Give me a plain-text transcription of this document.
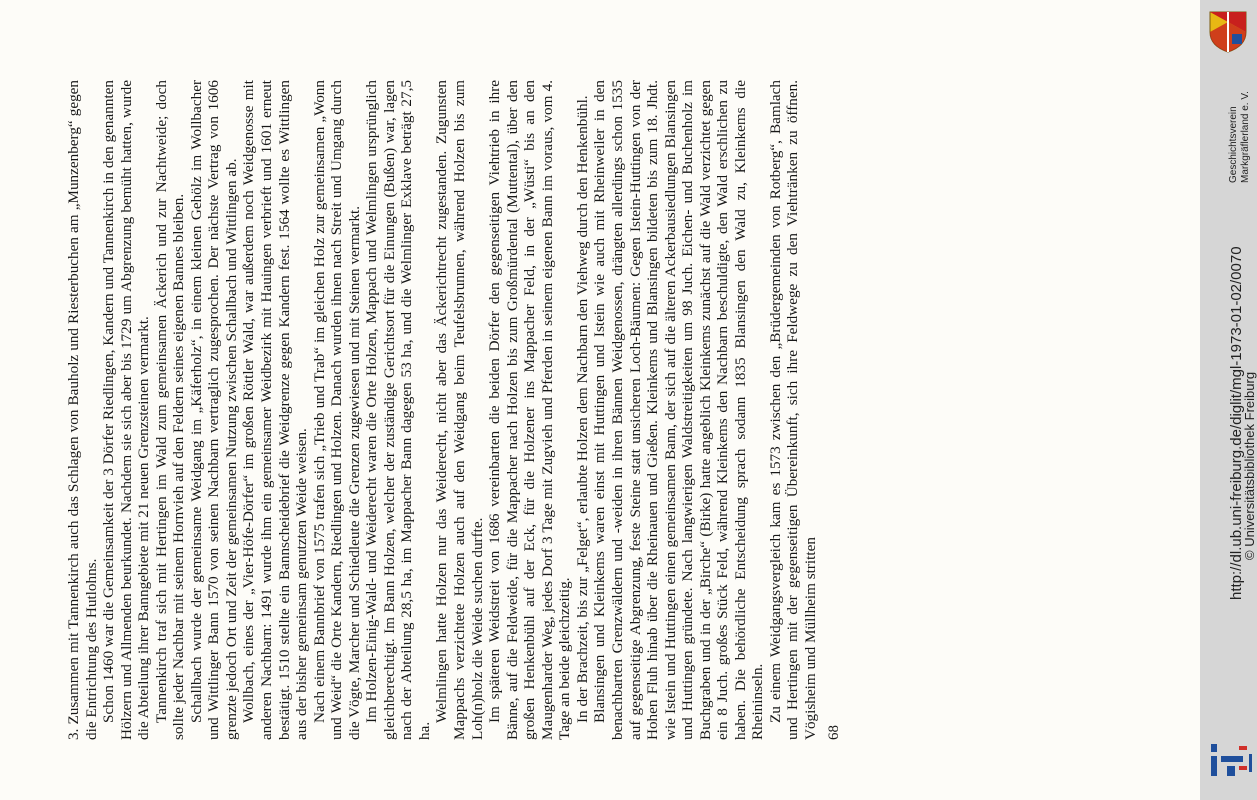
3. Zusammen mit Tannenkirch auch das Schlagen von Bauholz und Riesterbuchen am „Munzenberg“ gegen die Entrichtung des Hutlohns. Schon 1460 war die Gemeinsamkeit der 3 Dörfer Riedlingen, Kandern und Tannenkirch in den genannten Hölzern und Allmenden beurkundet. Nachdem sie sich aber bis 1729 um Abgrenzung bemüht hatten, wurde die Abteilung ihrer Banngebiete mit 21 neuen Grenzsteinen vermarkt. Tannenkirch traf sich mit Hertingen im Wald zum gemeinsamen Äckerich und zur Nachtweide; doch sollte jeder Nachbar mit seinem Hornvieh auf den Feldern seines eigenen Bannes bleiben. Schallbach wurde der gemeinsame Weidgang im „Käferholz“, in einem kleinen Gehölz im Wollbacher und Wittlinger Bann 1570 von seinen Nachbarn vertraglich zugesprochen. Der nächste Vertrag von 1606 grenzte jedoch Ort und Zeit der gemeinsamen Nutzung zwischen Schallbach und Wittlingen ab. Wollbach, eines der „Vier-Höfe-Dörfer“ im großen Röttler Wald, war außerdem noch Weidgenosse mit anderen Nachbarn: 1491 wurde ihm ein gemeinsamer Weidbezirk mit Hauingen verbrieft und 1601 erneut bestätigt. 1510 stellte ein Bannscheidebrief die Weidgrenze gegen Kandern fest. 1564 wollte es Wittlingen aus der bisher gemeinsam genutzten Weide weisen. Nach einem Bannbrief von 1575 trafen sich „Trieb und Trab“ im gleichen Holz zur gemeinsamen „Wonn und Weid“ die Orte Kandern, Riedlingen und Holzen. Danach wurden ihnen nach Streit und Umgang durch die Vögte, Marcher und Schiedleute die Grenzen zugewiesen und mit Steinen vermarkt. Im Holzen-Einig-Wald- und Weiderecht waren die Orte Holzen, Mappach und Welmlingen ursprünglich gleichberechtigt. Im Bann Holzen, welcher der zuständige Gerichtsort für die Einungen (Bußen) war, lagen nach der Abteilung 28,5 ha, im Mappacher Bann dagegen 53 ha, und die Welmlinger Exklave beträgt 27,5 ha.

Welmlingen hatte Holzen nur das Weiderecht, nicht aber das Äckerichtrecht zugestanden. Zugunsten Mappachs verzichtete Holzen auch auf den Weidgang beim Teufelsbrunnen, während Holzen bis zum Loh(n)holz die Weide suchen durfte. Im späteren Weidstreit von 1686 vereinbarten die beiden Dörfer den gegenseitigen Viehtrieb in ihre Bänne, auf die Feldweide, für die Mappacher nach Holzen bis zum Großmürdental (Muttental), über den großen Henkenbühl auf der Eck, für die Holzener ins Mappacher Feld, in der „Wüsti“ bis an den Maugenharder Weg, jedes Dorf 3 Tage mit Zugvieh und Pferden in seinem eigenen Bann im voraus, vom 4. Tage an beide gleichzeitig. In der Brachzeit, bis zur „Felget“, erlaubte Holzen dem Nachbarn den Viehweg durch den Henkenbühl. Blansingen und Kleinkems waren einst mit Huttingen und Istein wie auch mit Rheinweiler in den benachbarten Grenzwäldern und -weiden in ihren Bännen Weidgenossen, drängten allerdings schon 1535 auf gegenseitige Abgrenzung, feste Steine statt unsicheren Loch-Bäumen: Gegen Istein-Huttingen von der Hohen Fluh hinab über die Rheinauen und Gießen. Kleinkems und Blansingen bildeten bis zum 18. Jhdt. wie Istein und Huttingen einen gemeinsamen Bann, der sich auf die älteren Ackerbausiedlungen Blansingen und Huttingen gründete. Nach langwierigen Waldstreitigkeiten um 98 Juch. Eichen- und Buchenholz im Buchgraben und in der „Birche“ (Birke) hatte angeblich Kleinkems zunächst auf die Wald verzichtet gegen ein 8 Juch. großes Stück Feld, während Kleinkems den Nachbarn beschuldigte, den Wald erschlichen zu haben. Die behördliche Entscheidung sprach sodann 1835 Blansingen den Wald zu, Kleinkems die Rheininseln. Zu einem Weidgangsvergleich kam es 1573 zwischen den „Brüdergemeinden von Rotberg“, Bamlach und Hertingen mit der gegenseitigen Übereinkunft, sich ihre Feldwege zu den Viehtränken zu öffnen. Vögisheim und Müllheim stritten 68

http://dl.ub.uni-freiburg.de/diglit/mgl-1973-01-02/0070
© Universitätsbibliothek Freiburg
Geschichtsverein Markgräflerland e. V.
